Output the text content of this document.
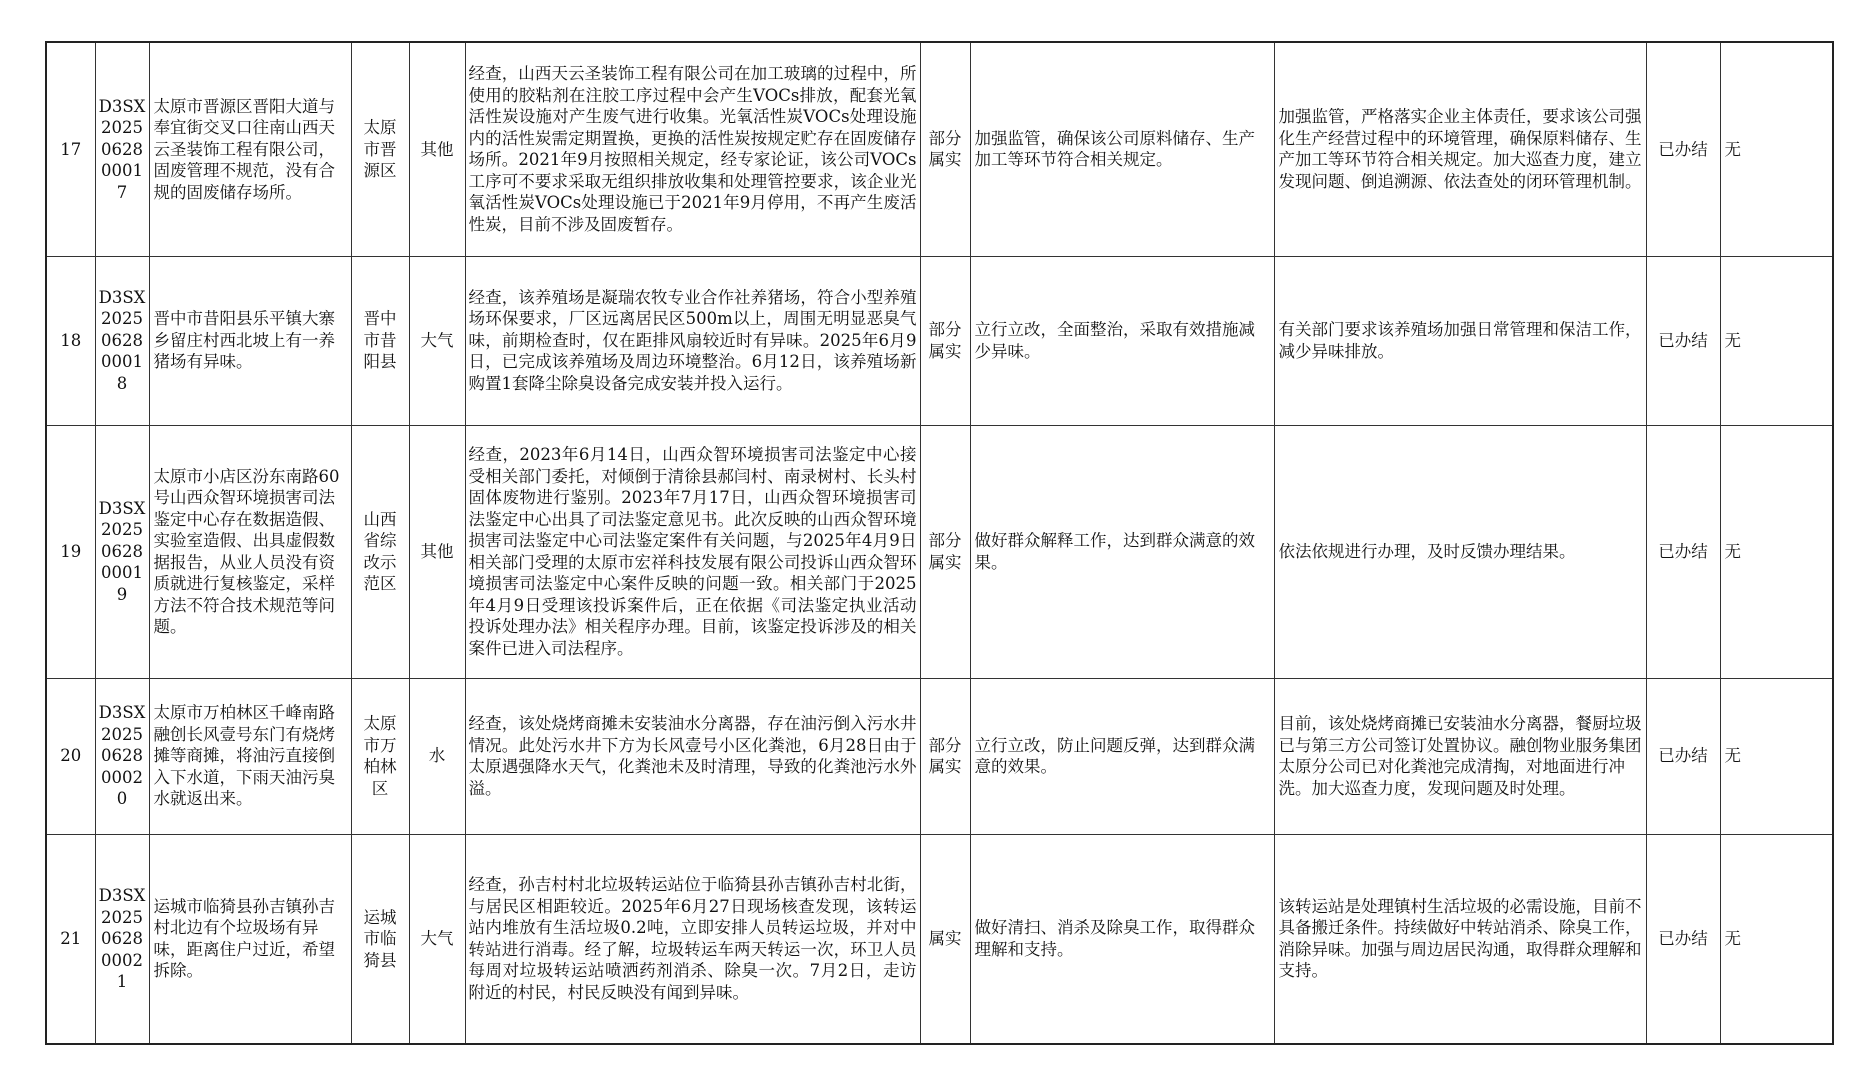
17	D3SX2025062800017	太原市晋源区晋阳大道与奉宜街交叉口往南山西天云圣装饰工程有限公司，固废管理不规范，没有合规的固废储存场所。	太原市晋源区	其他	经查，山西天云圣装饰工程有限公司在加工玻璃的过程中，所使用的胶粘剂在注胶工序过程中会产生VOCs排放，配套光氧活性炭设施对产生废气进行收集。光氧活性炭VOCs处理设施内的活性炭需定期置换，更换的活性炭按规定贮存在固废储存场所。2021年9月按照相关规定，经专家论证，该公司VOCs工序可不要求采取无组织排放收集和处理管控要求，该企业光氧活性炭VOCs处理设施已于2021年9月停用，不再产生废活性炭，目前不涉及固废暂存。	部分属实	加强监管，确保该公司原料储存、生产加工等环节符合相关规定。	加强监管，严格落实企业主体责任，要求该公司强化生产经营过程中的环境管理，确保原料储存、生产加工等环节符合相关规定。加大巡查力度，建立发现问题、倒追溯源、依法查处的闭环管理机制。	已办结	无
18	D3SX2025062800018	晋中市昔阳县乐平镇大寨乡留庄村西北坡上有一养猪场有异味。	晋中市昔阳县	大气	经查，该养殖场是凝瑞农牧专业合作社养猪场，符合小型养殖场环保要求，厂区远离居民区500m以上，周围无明显恶臭气味，前期检查时，仅在距排风扇较近时有异味。2025年6月9日，已完成该养殖场及周边环境整治。6月12日，该养殖场新购置1套降尘除臭设备完成安装并投入运行。	部分属实	立行立改，全面整治，采取有效措施减少异味。	有关部门要求该养殖场加强日常管理和保洁工作，减少异味排放。	已办结	无
19	D3SX2025062800019	太原市小店区汾东南路60号山西众智环境损害司法鉴定中心存在数据造假、实验室造假、出具虚假数据报告，从业人员没有资质就进行复核鉴定，采样方法不符合技术规范等问题。	山西省综改示范区	其他	经查，2023年6月14日，山西众智环境损害司法鉴定中心接受相关部门委托，对倾倒于清徐县郝闫村、南录树村、长头村固体废物进行鉴别。2023年7月17日，山西众智环境损害司法鉴定中心出具了司法鉴定意见书。此次反映的山西众智环境损害司法鉴定中心司法鉴定案件有关问题，与2025年4月9日相关部门受理的太原市宏祥科技发展有限公司投诉山西众智环境损害司法鉴定中心案件反映的问题一致。相关部门于2025年4月9日受理该投诉案件后，正在依据《司法鉴定执业活动投诉处理办法》相关程序办理。目前，该鉴定投诉涉及的相关案件已进入司法程序。	部分属实	做好群众解释工作，达到群众满意的效果。	依法依规进行办理，及时反馈办理结果。	已办结	无
20	D3SX2025062800020	太原市万柏林区千峰南路融创长风壹号东门有烧烤摊等商摊，将油污直接倒入下水道，下雨天油污臭水就返出来。	太原市万柏林区	水	经查，该处烧烤商摊未安装油水分离器，存在油污倒入污水井情况。此处污水井下方为长风壹号小区化粪池，6月28日由于太原遇强降水天气，化粪池未及时清理，导致的化粪池污水外溢。	部分属实	立行立改，防止问题反弹，达到群众满意的效果。	目前，该处烧烤商摊已安装油水分离器，餐厨垃圾已与第三方公司签订处置协议。融创物业服务集团太原分公司已对化粪池完成清掏，对地面进行冲洗。加大巡查力度，发现问题及时处理。	已办结	无
21	D3SX2025062800021	运城市临猗县孙吉镇孙吉村北边有个垃圾场有异味，距离住户过近，希望拆除。	运城市临猗县	大气	经查，孙吉村村北垃圾转运站位于临猗县孙吉镇孙吉村北街，与居民区相距较近。2025年6月27日现场核查发现，该转运站内堆放有生活垃圾0.2吨，立即安排人员转运垃圾，并对中转站进行消毒。经了解，垃圾转运车两天转运一次，环卫人员每周对垃圾转运站喷洒药剂消杀、除臭一次。7月2日，走访附近的村民，村民反映没有闻到异味。	属实	做好清扫、消杀及除臭工作，取得群众理解和支持。	该转运站是处理镇村生活垃圾的必需设施，目前不具备搬迁条件。持续做好中转站消杀、除臭工作，消除异味。加强与周边居民沟通，取得群众理解和支持。	已办结	无
